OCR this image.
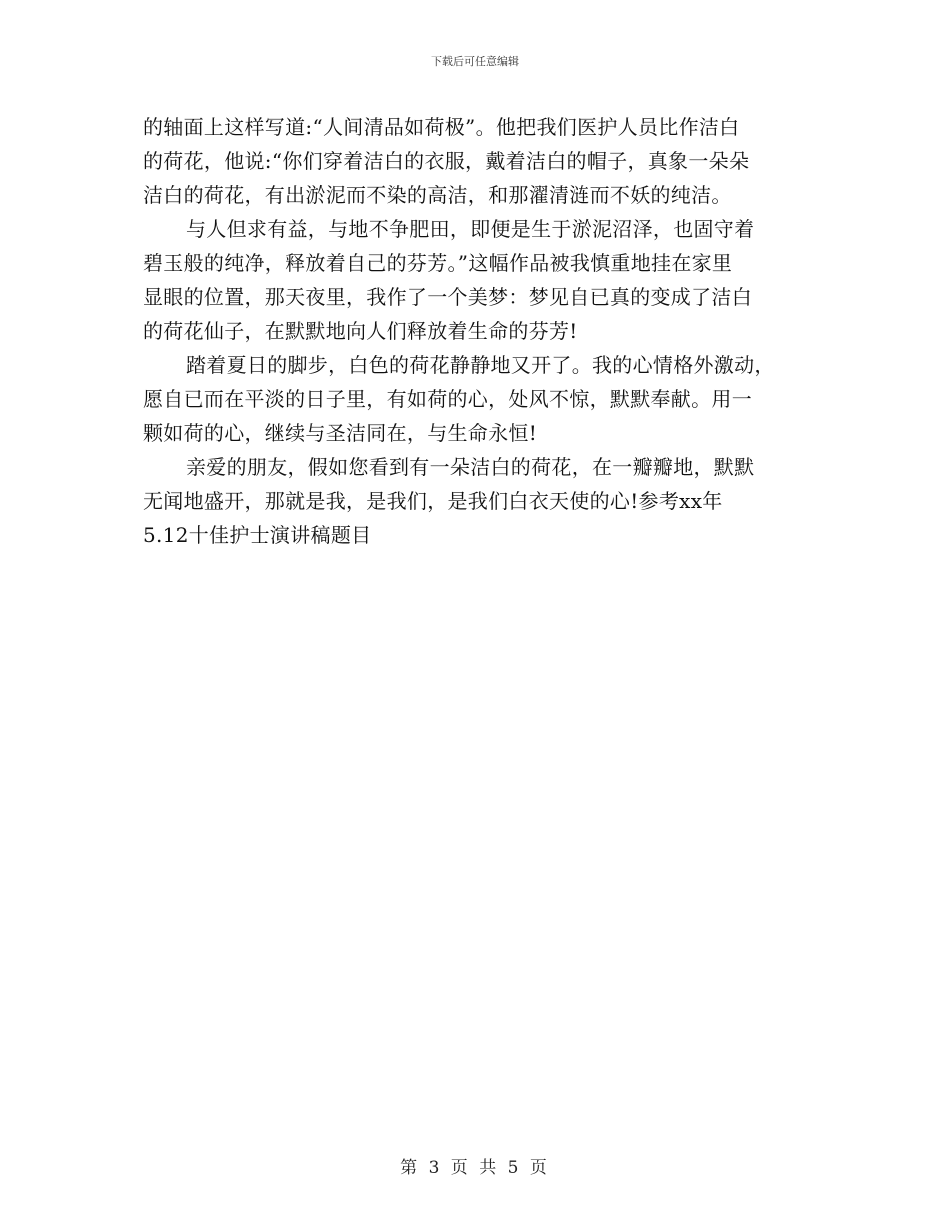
下载后可任意编辑
的轴面上这样写道:“人间清品如荷极”。他把我们医护人员比作洁白
的荷花，他说:“你们穿着洁白的衣服，戴着洁白的帽子，真象一朵朵
洁白的荷花，有出淤泥而不染的高洁，和那濯清涟而不妖的纯洁。
与人但求有益，与地不争肥田，即便是生于淤泥沼泽，也固守着
碧玉般的纯净，释放着自己的芬芳。”这幅作品被我慎重地挂在家里
显眼的位置，那天夜里，我作了一个美梦：梦见自已真的变成了洁白
的荷花仙子，在默默地向人们释放着生命的芬芳!
踏着夏日的脚步，白色的荷花静静地又开了。我的心情格外激动，
愿自已而在平淡的日子里，有如荷的心，处风不惊，默默奉献。用一
颗如荷的心，继续与圣洁同在，与生命永恒!
亲爱的朋友，假如您看到有一朵洁白的荷花，在一瓣瓣地，默默
无闻地盛开，那就是我，是我们，是我们白衣天使的心!参考xx年
5.12十佳护士演讲稿题目
第 3 页 共 5 页
